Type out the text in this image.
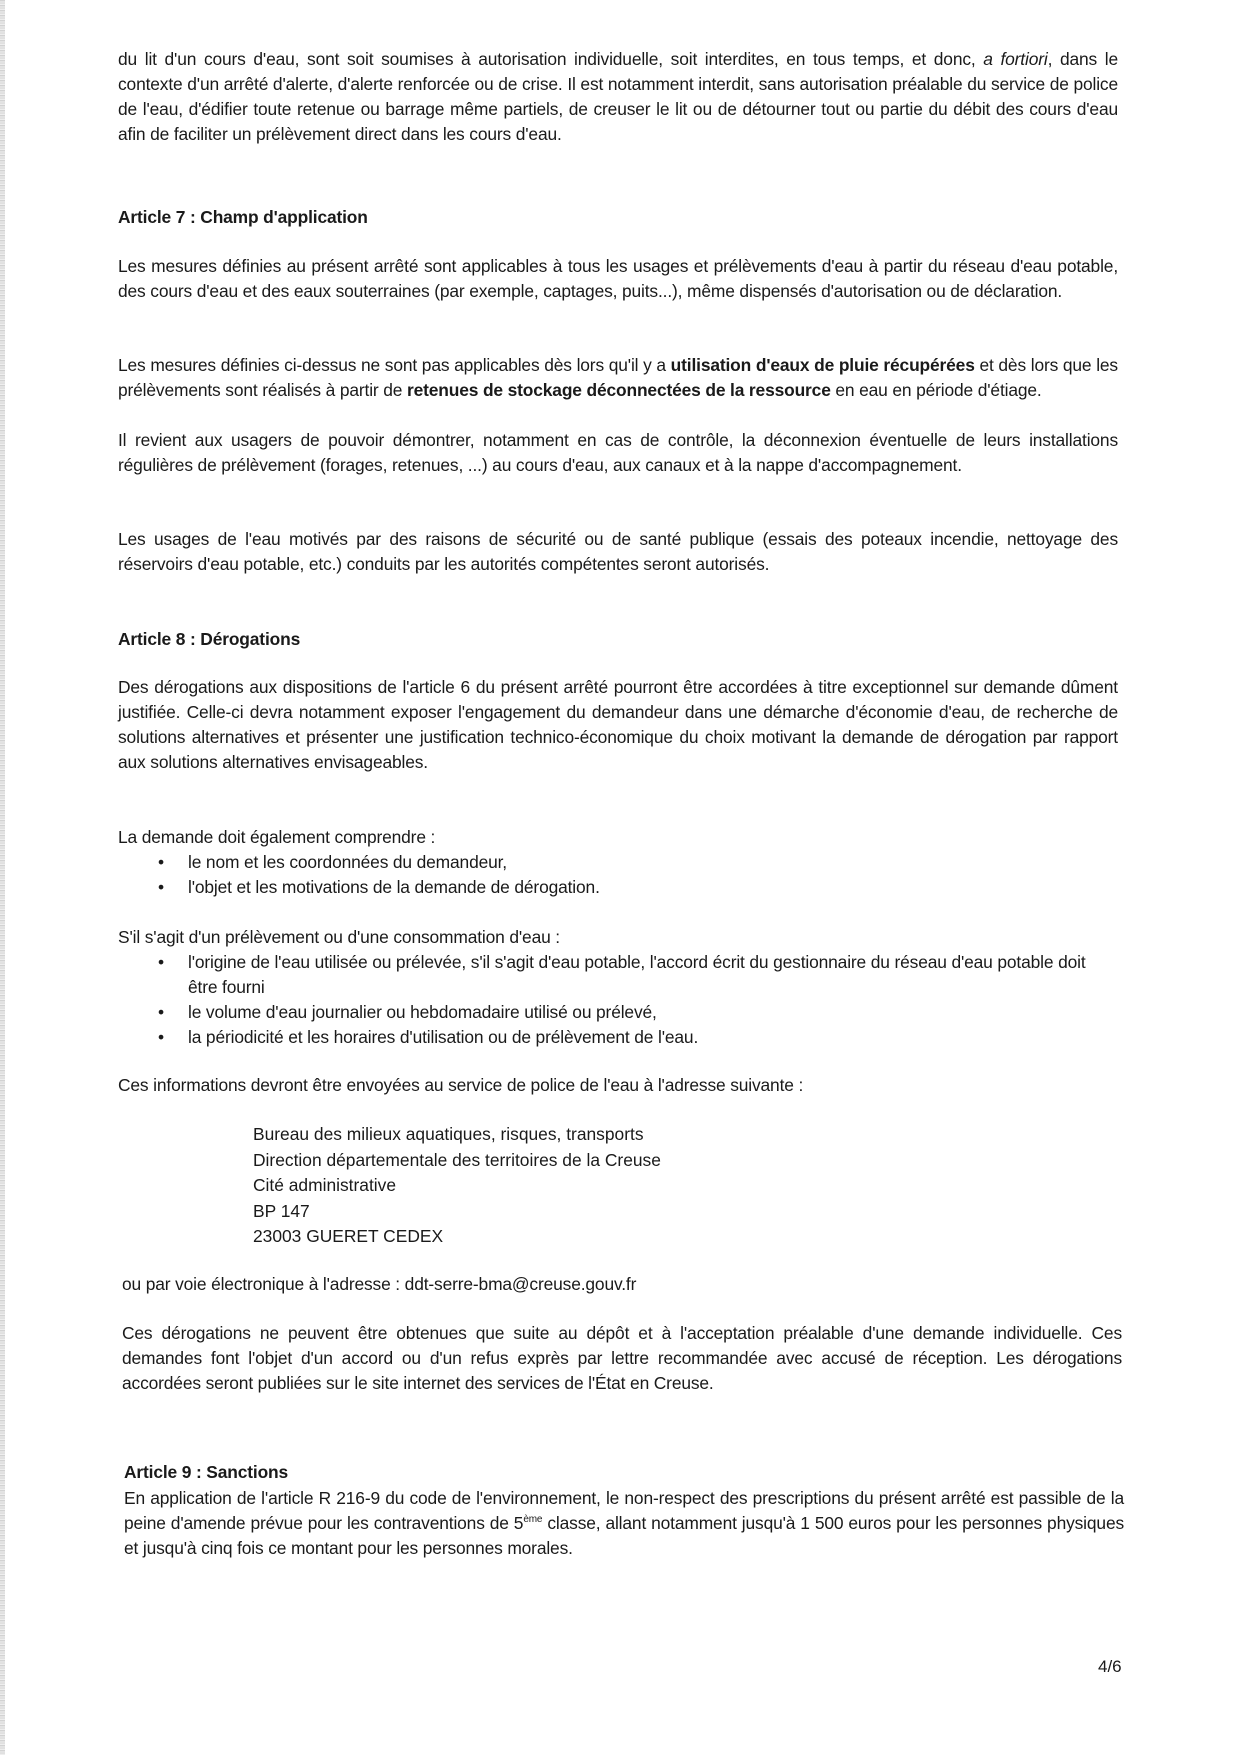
du lit d'un cours d'eau, sont soit soumises à autorisation individuelle, soit interdites, en tous temps, et donc, a fortiori, dans le contexte d'un arrêté d'alerte, d'alerte renforcée ou de crise. Il est notamment interdit, sans autorisation préalable du service de police de l'eau, d'édifier toute retenue ou barrage même partiels, de creuser le lit ou de détourner tout ou partie du débit des cours d'eau afin de faciliter un prélèvement direct dans les cours d'eau.
Article 7 : Champ d'application
Les mesures définies au présent arrêté sont applicables à tous les usages et prélèvements d'eau à partir du réseau d'eau potable, des cours d'eau et des eaux souterraines (par exemple, captages, puits...), même dispensés d'autorisation ou de déclaration.
Les mesures définies ci-dessus ne sont pas applicables dès lors qu'il y a utilisation d'eaux de pluie récupérées et dès lors que les prélèvements sont réalisés à partir de retenues de stockage déconnectées de la ressource en eau en période d'étiage.
Il revient aux usagers de pouvoir démontrer, notamment en cas de contrôle, la déconnexion éventuelle de leurs installations régulières de prélèvement (forages, retenues, ...) au cours d'eau, aux canaux et à la nappe d'accompagnement.
Les usages de l'eau motivés par des raisons de sécurité ou de santé publique (essais des poteaux incendie, nettoyage des réservoirs d'eau potable, etc.) conduits par les autorités compétentes seront autorisés.
Article 8 : Dérogations
Des dérogations aux dispositions de l'article 6 du présent arrêté pourront être accordées à titre exceptionnel sur demande dûment justifiée. Celle-ci devra notamment exposer l'engagement du demandeur dans une démarche d'économie d'eau, de recherche de solutions alternatives et présenter une justification technico-économique du choix motivant la demande de dérogation par rapport aux solutions alternatives envisageables.
La demande doit également comprendre :
• le nom et les coordonnées du demandeur,
• l'objet et les motivations de la demande de dérogation.
S'il s'agit d'un prélèvement ou d'une consommation d'eau :
• l'origine de l'eau utilisée ou prélevée, s'il s'agit d'eau potable, l'accord écrit du gestionnaire du réseau d'eau potable doit être fourni
• le volume d'eau journalier ou hebdomadaire utilisé ou prélevé,
• la périodicité et les horaires d'utilisation ou de prélèvement de l'eau.
Ces informations devront être envoyées au service de police de l'eau à l'adresse suivante :
Bureau des milieux aquatiques, risques, transports
Direction départementale des territoires de la Creuse
Cité administrative
BP 147
23003 GUERET CEDEX
ou par voie électronique à l'adresse : ddt-serre-bma@creuse.gouv.fr
Ces dérogations ne peuvent être obtenues que suite au dépôt et à l'acceptation préalable d'une demande individuelle. Ces demandes font l'objet d'un accord ou d'un refus exprès par lettre recommandée avec accusé de réception. Les dérogations accordées seront publiées sur le site internet des services de l'État en Creuse.
Article 9 : Sanctions
En application de l'article R 216-9 du code de l'environnement, le non-respect des prescriptions du présent arrêté est passible de la peine d'amende prévue pour les contraventions de 5ème classe, allant notamment jusqu'à 1 500 euros pour les personnes physiques et jusqu'à cinq fois ce montant pour les personnes morales.
4/6
